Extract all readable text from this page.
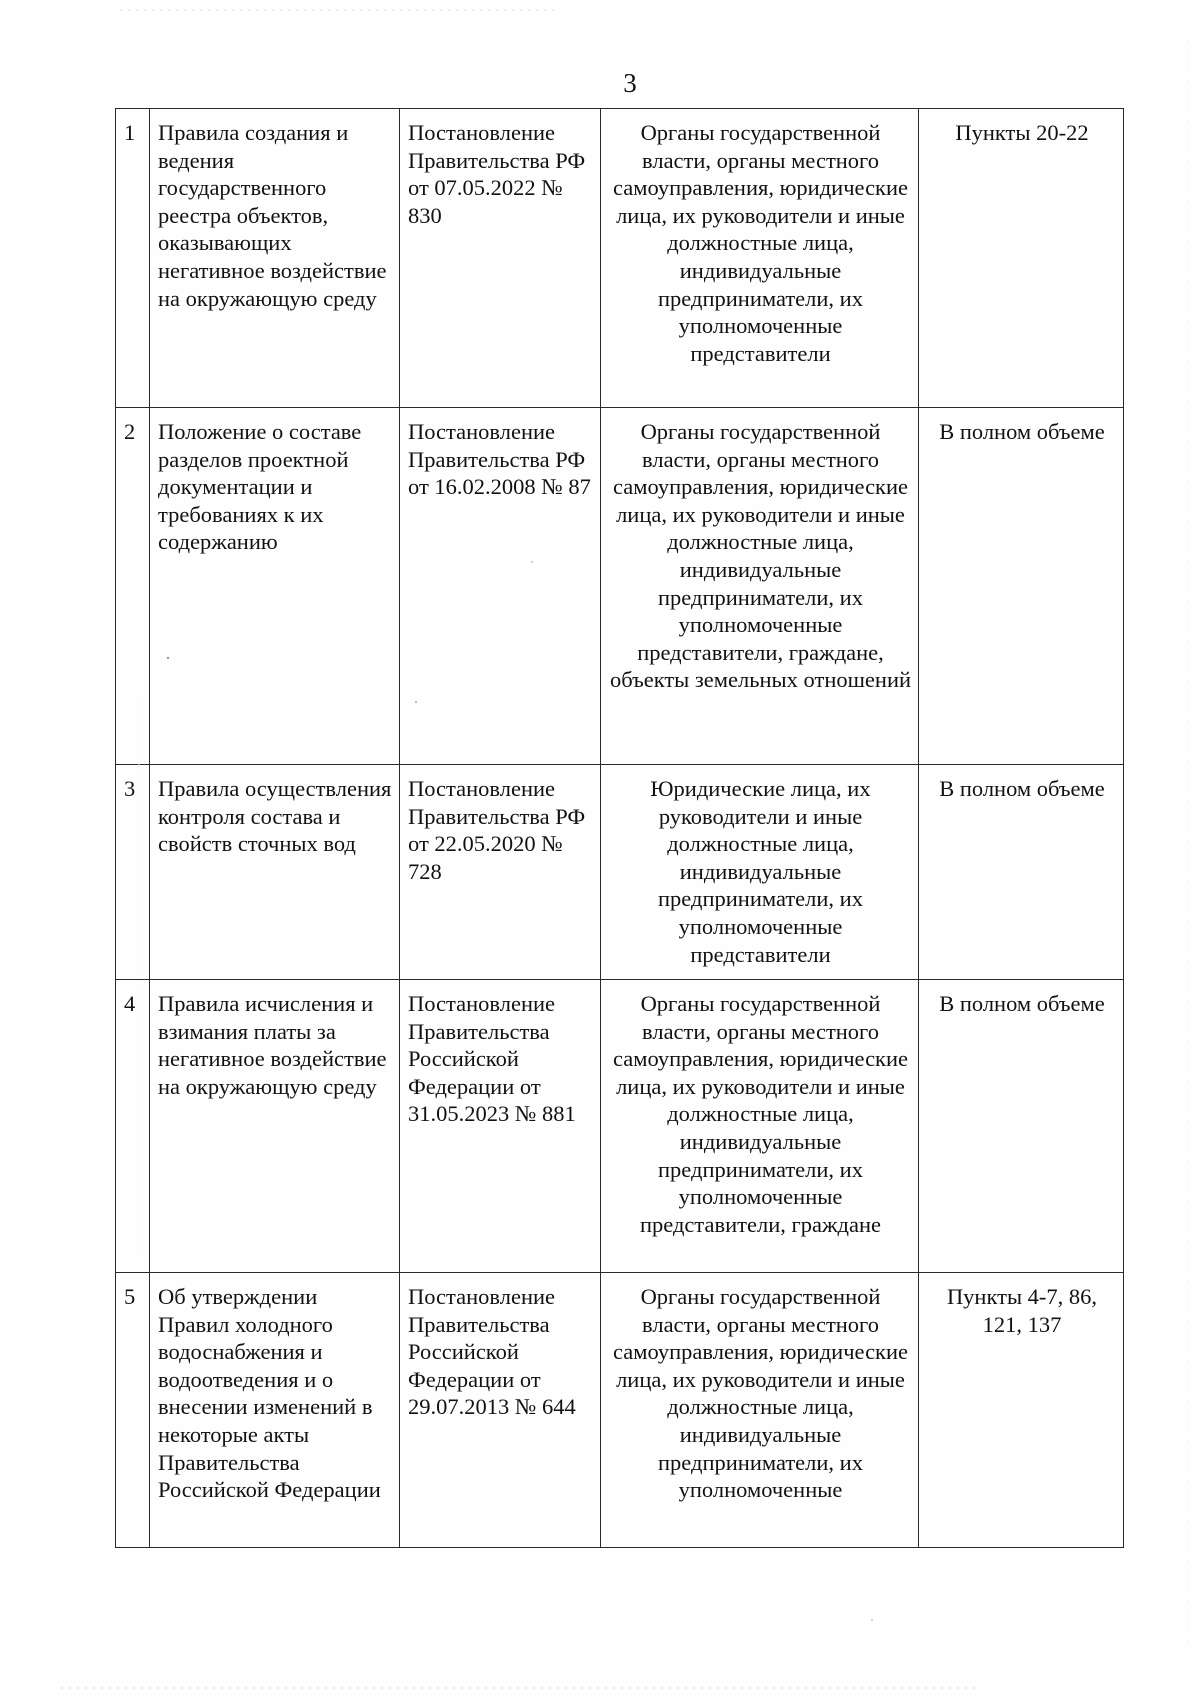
3
1	Правила создания и ведения государственного реестра объектов, оказывающих негативное воздействие на окружающую среду	Постановление Правительства РФ от 07.05.2022 № 830	Органы государственной власти, органы местного самоуправления, юридические лица, их руководители и иные должностные лица, индивидуальные предприниматели, их уполномоченные представители	Пункты 20-22
2	Положение о составе разделов проектной документации и требованиях к их содержанию	Постановление Правительства РФ от 16.02.2008 № 87	Органы государственной власти, органы местного самоуправления, юридические лица, их руководители и иные должностные лица, индивидуальные предприниматели, их уполномоченные представители, граждане, объекты земельных отношений	В полном объеме
3	Правила осуществления контроля состава и свойств сточных вод	Постановление Правительства РФ от 22.05.2020 № 728	Юридические лица, их руководители и иные должностные лица, индивидуальные предприниматели, их уполномоченные представители	В полном объеме
4	Правила исчисления и взимания платы за негативное воздействие на окружающую среду	Постановление Правительства Российской Федерации от 31.05.2023 № 881	Органы государственной власти, органы местного самоуправления, юридические лица, их руководители и иные должностные лица, индивидуальные предприниматели, их уполномоченные представители, граждане	В полном объеме
5	Об утверждении Правил холодного водоснабжения и водоотведения и о внесении изменений в некоторые акты Правительства Российской Федерации	Постановление Правительства Российской Федерации от 29.07.2013 № 644	Органы государственной власти, органы местного самоуправления, юридические лица, их руководители и иные должностные лица, индивидуальные предприниматели, их уполномоченные	Пункты 4-7, 86, 121, 137
